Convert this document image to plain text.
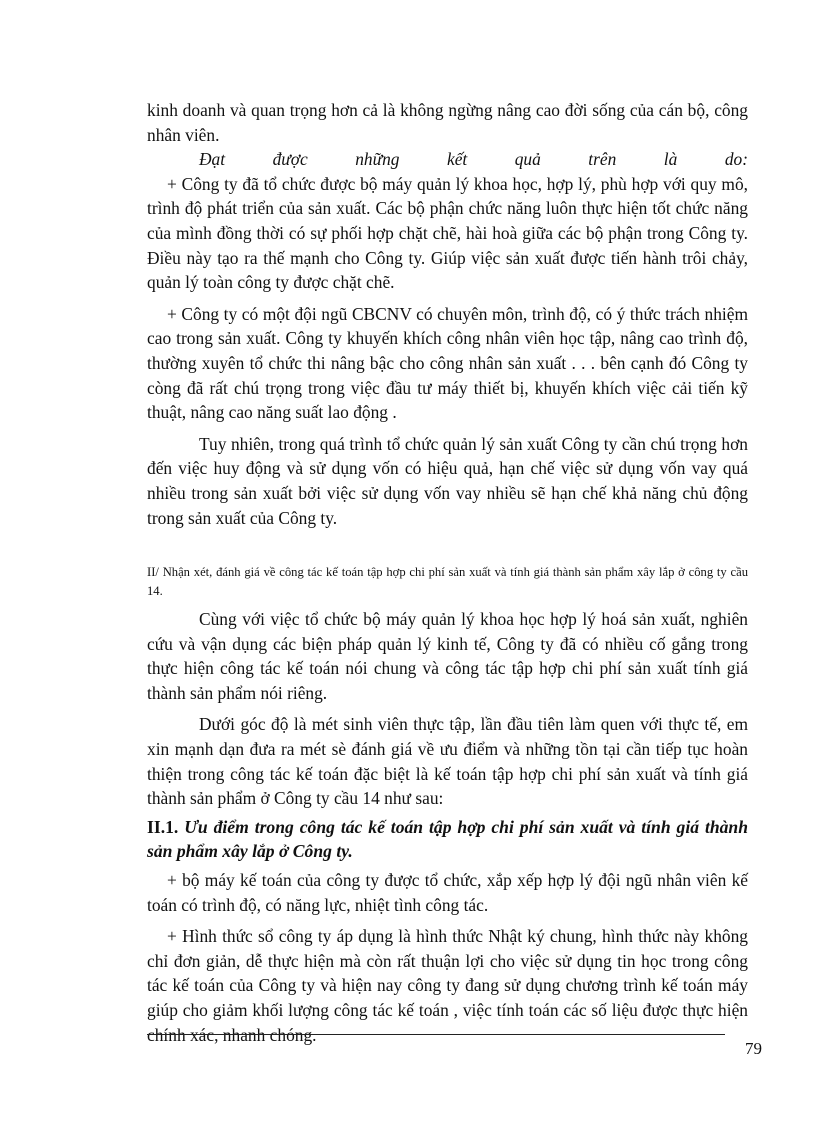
kinh doanh và quan trọng hơn cả là không ngừng nâng cao đời sống của cán bộ, công nhân viên.

Đạt được những kết quả trên là do:

+ Công ty đã tổ chức được bộ máy quản lý khoa học, hợp lý, phù hợp với quy mô, trình độ phát triển của sản xuất. Các bộ phận chức năng luôn thực hiện tốt chức năng của mình đồng thời có sự phối hợp chặt chẽ, hài hoà giữa các bộ phận trong Công ty. Điều này tạo ra thế mạnh cho Công ty. Giúp việc sản xuất được tiến hành trôi chảy, quản lý toàn công ty được chặt chẽ.

+ Công ty có một đội ngũ CBCNV có chuyên môn, trình độ, có ý thức trách nhiệm cao trong sản xuất. Công ty khuyến khích công nhân viên học tập, nâng cao trình độ, thường xuyên tổ chức thi nâng bậc cho công nhân sản xuất . . . bên cạnh đó Công ty còng đã rất chú trọng trong việc đầu tư máy thiết bị, khuyến khích việc cải tiến kỹ thuật, nâng cao năng suất lao động .

Tuy nhiên, trong quá trình tổ chức quản lý sản xuất Công ty cần chú trọng hơn đến việc huy động và sử dụng vốn có hiệu quả, hạn chế việc sử dụng vốn vay quá nhiều trong sản xuất bởi việc sử dụng vốn vay nhiều sẽ hạn chế khả năng chủ động trong sản xuất của Công ty.

II/ Nhận xét, đánh giá về công tác kế toán tập hợp chi phí sản xuất và tính giá thành sản phẩm xây lắp ở công ty cầu 14.

Cùng với việc tổ chức bộ máy quản lý khoa học hợp lý hoá sản xuất, nghiên cứu và vận dụng các biện pháp quản lý kinh tế, Công ty đã có nhiều cố gắng trong thực hiện công tác kế toán nói chung và công tác tập hợp chi phí sản xuất tính giá thành sản phẩm nói riêng.

Dưới góc độ là mét sinh viên thực tập, lần đầu tiên làm quen với thực tế, em xin mạnh dạn đưa ra mét sè đánh giá về ưu điểm và những tồn tại cần tiếp tục hoàn thiện trong công tác kế toán đặc biệt là kế toán tập hợp chi phí sản xuất và tính giá thành sản phẩm ở Công ty cầu 14 như sau:

II.1. Ưu điểm trong công tác kế toán tập hợp chi phí sản xuất và tính giá thành sản phẩm xây lắp ở Công ty.

+ bộ máy kế toán của công ty được tổ chức, xắp xếp hợp lý đội ngũ nhân viên kế toán có trình độ, có năng lực, nhiệt tình công tác.

+ Hình thức sổ công ty áp dụng là hình thức Nhật ký chung, hình thức này không chỉ đơn giản, dễ thực hiện mà còn rất thuận lợi cho việc sử dụng tin học trong công tác kế toán của Công ty và hiện nay công ty đang sử dụng chương trình kế toán máy giúp cho giảm khối lượng công tác kế toán , việc tính toán các số liệu được thực hiện chính xác, nhanh chóng.

79
